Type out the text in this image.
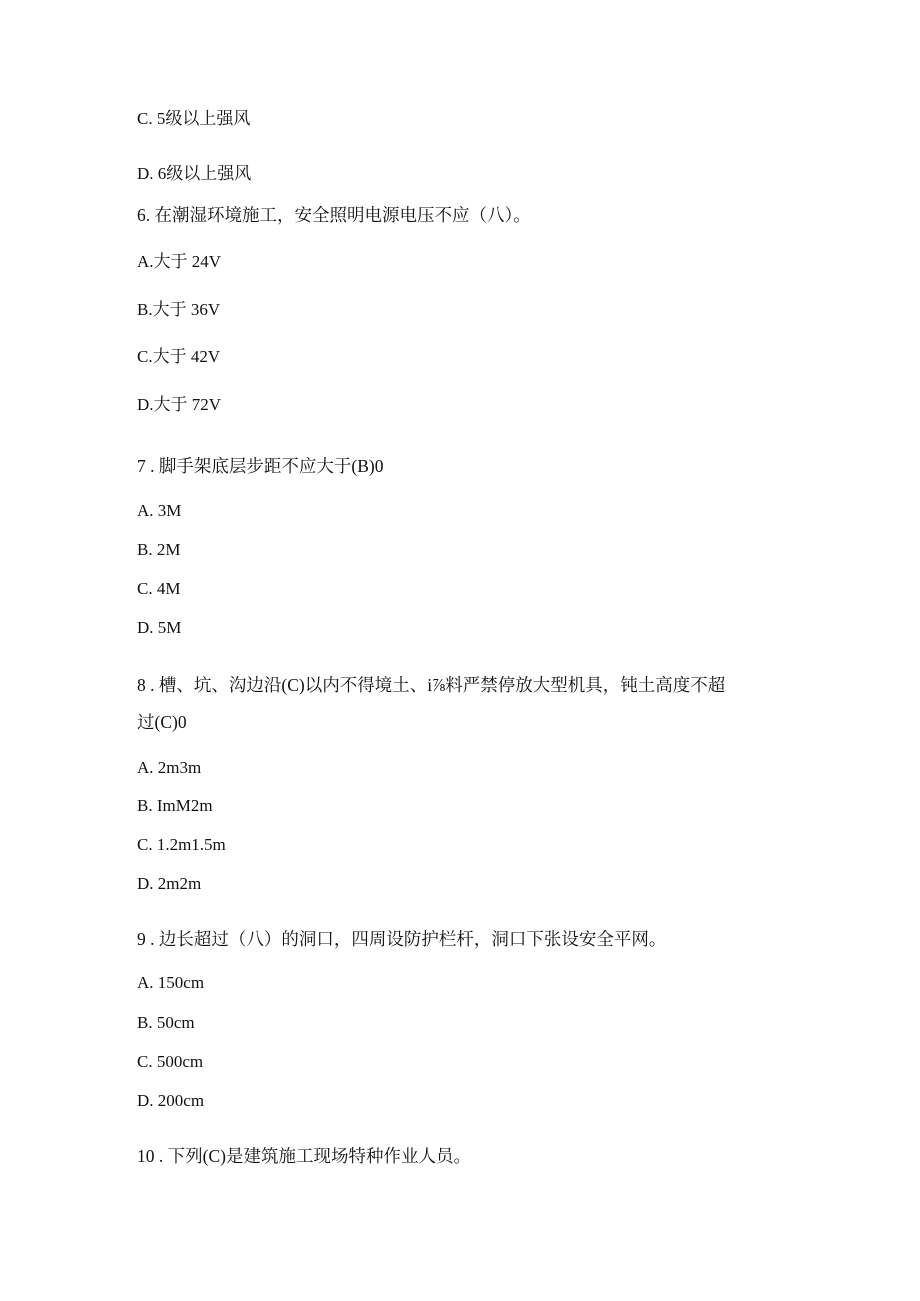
C. 5级以上强风
D. 6级以上强风
6. 在潮湿环境施工，安全照明电源电压不应（八）。
A.大于 24V
B.大于 36V
C.大于 42V
D.大于 72V
7 . 脚手架底层步距不应大于(B)0
A. 3M
B. 2M
C. 4M
D. 5M
8 . 槽、坑、沟边沿(C)以内不得境土、i⅞料严禁停放大型机具，钝土高度不超
过(C)0
A. 2m3m
B. ImM2m
C. 1.2m1.5m
D. 2m2m
9 . 边长超过（八）的洞口，四周设防护栏杆，洞口下张设安全平网。
A. 150cm
B. 50cm
C. 500cm
D. 200cm
10 . 下列(C)是建筑施工现场特种作业人员。
